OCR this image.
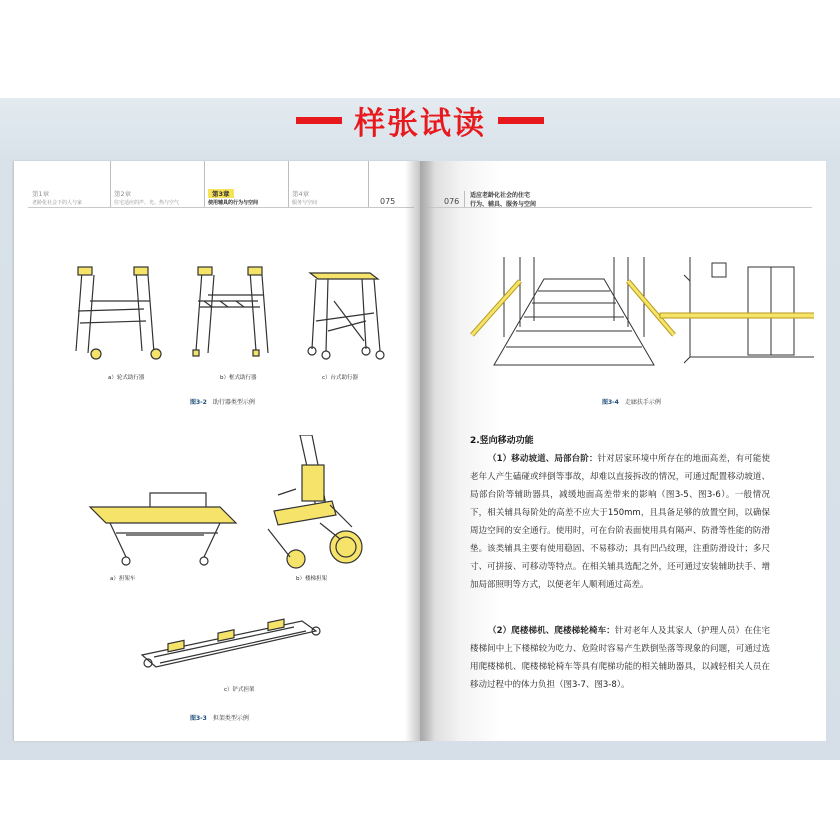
样张试读
第1章
老龄化社会下的人与家
第2章
住宅适应的声、光、热与空气
第3章
使用辅具的行为与空间
第4章
服务与空间	075
a）轮式助行器	b）框式助行器	c）台式助行器
图3-2 助行器类型示例
a）担架车	b）楼梯担架
c）铲式担架
图3-3 担架类型示例
076
图3-4 走廊扶手示例
适应老龄化社会的住宅
行为、辅具、服务与空间
2.竖向移动功能
（1）移动坡道、局部台阶：针对居家环境中所存在的地面高差，有可能使老年人产生磕碰或绊倒等事故，却难以直接拆改的情况，可通过配置移动坡道、局部台阶等辅助器具，减缓地面高差带来的影响（图3-5、图3-6）。一般情况下，相关辅具每阶处的高差不应大于150mm，且具备足够的放置空间，以确保周边空间的安全通行。使用时，可在台阶表面使用具有隔声、防滑等性能的防滑垫。该类辅具主要有使用稳固、不易移动；具有凹凸纹理，注重防滑设计；多尺寸、可拼接、可移动等特点。在相关辅具选配之外，还可通过安装辅助扶手、增加局部照明等方式，以便老年人顺利通过高差。
（2）爬楼梯机、爬楼梯轮椅车：针对老年人及其家人（护理人员）在住宅楼梯间中上下楼梯较为吃力、危险时容易产生跌倒坠落等现象的问题，可通过选用爬楼梯机、爬楼梯轮椅车等具有爬梯功能的相关辅助器具，以减轻相关人员在移动过程中的体力负担（图3-7、图3-8）。
